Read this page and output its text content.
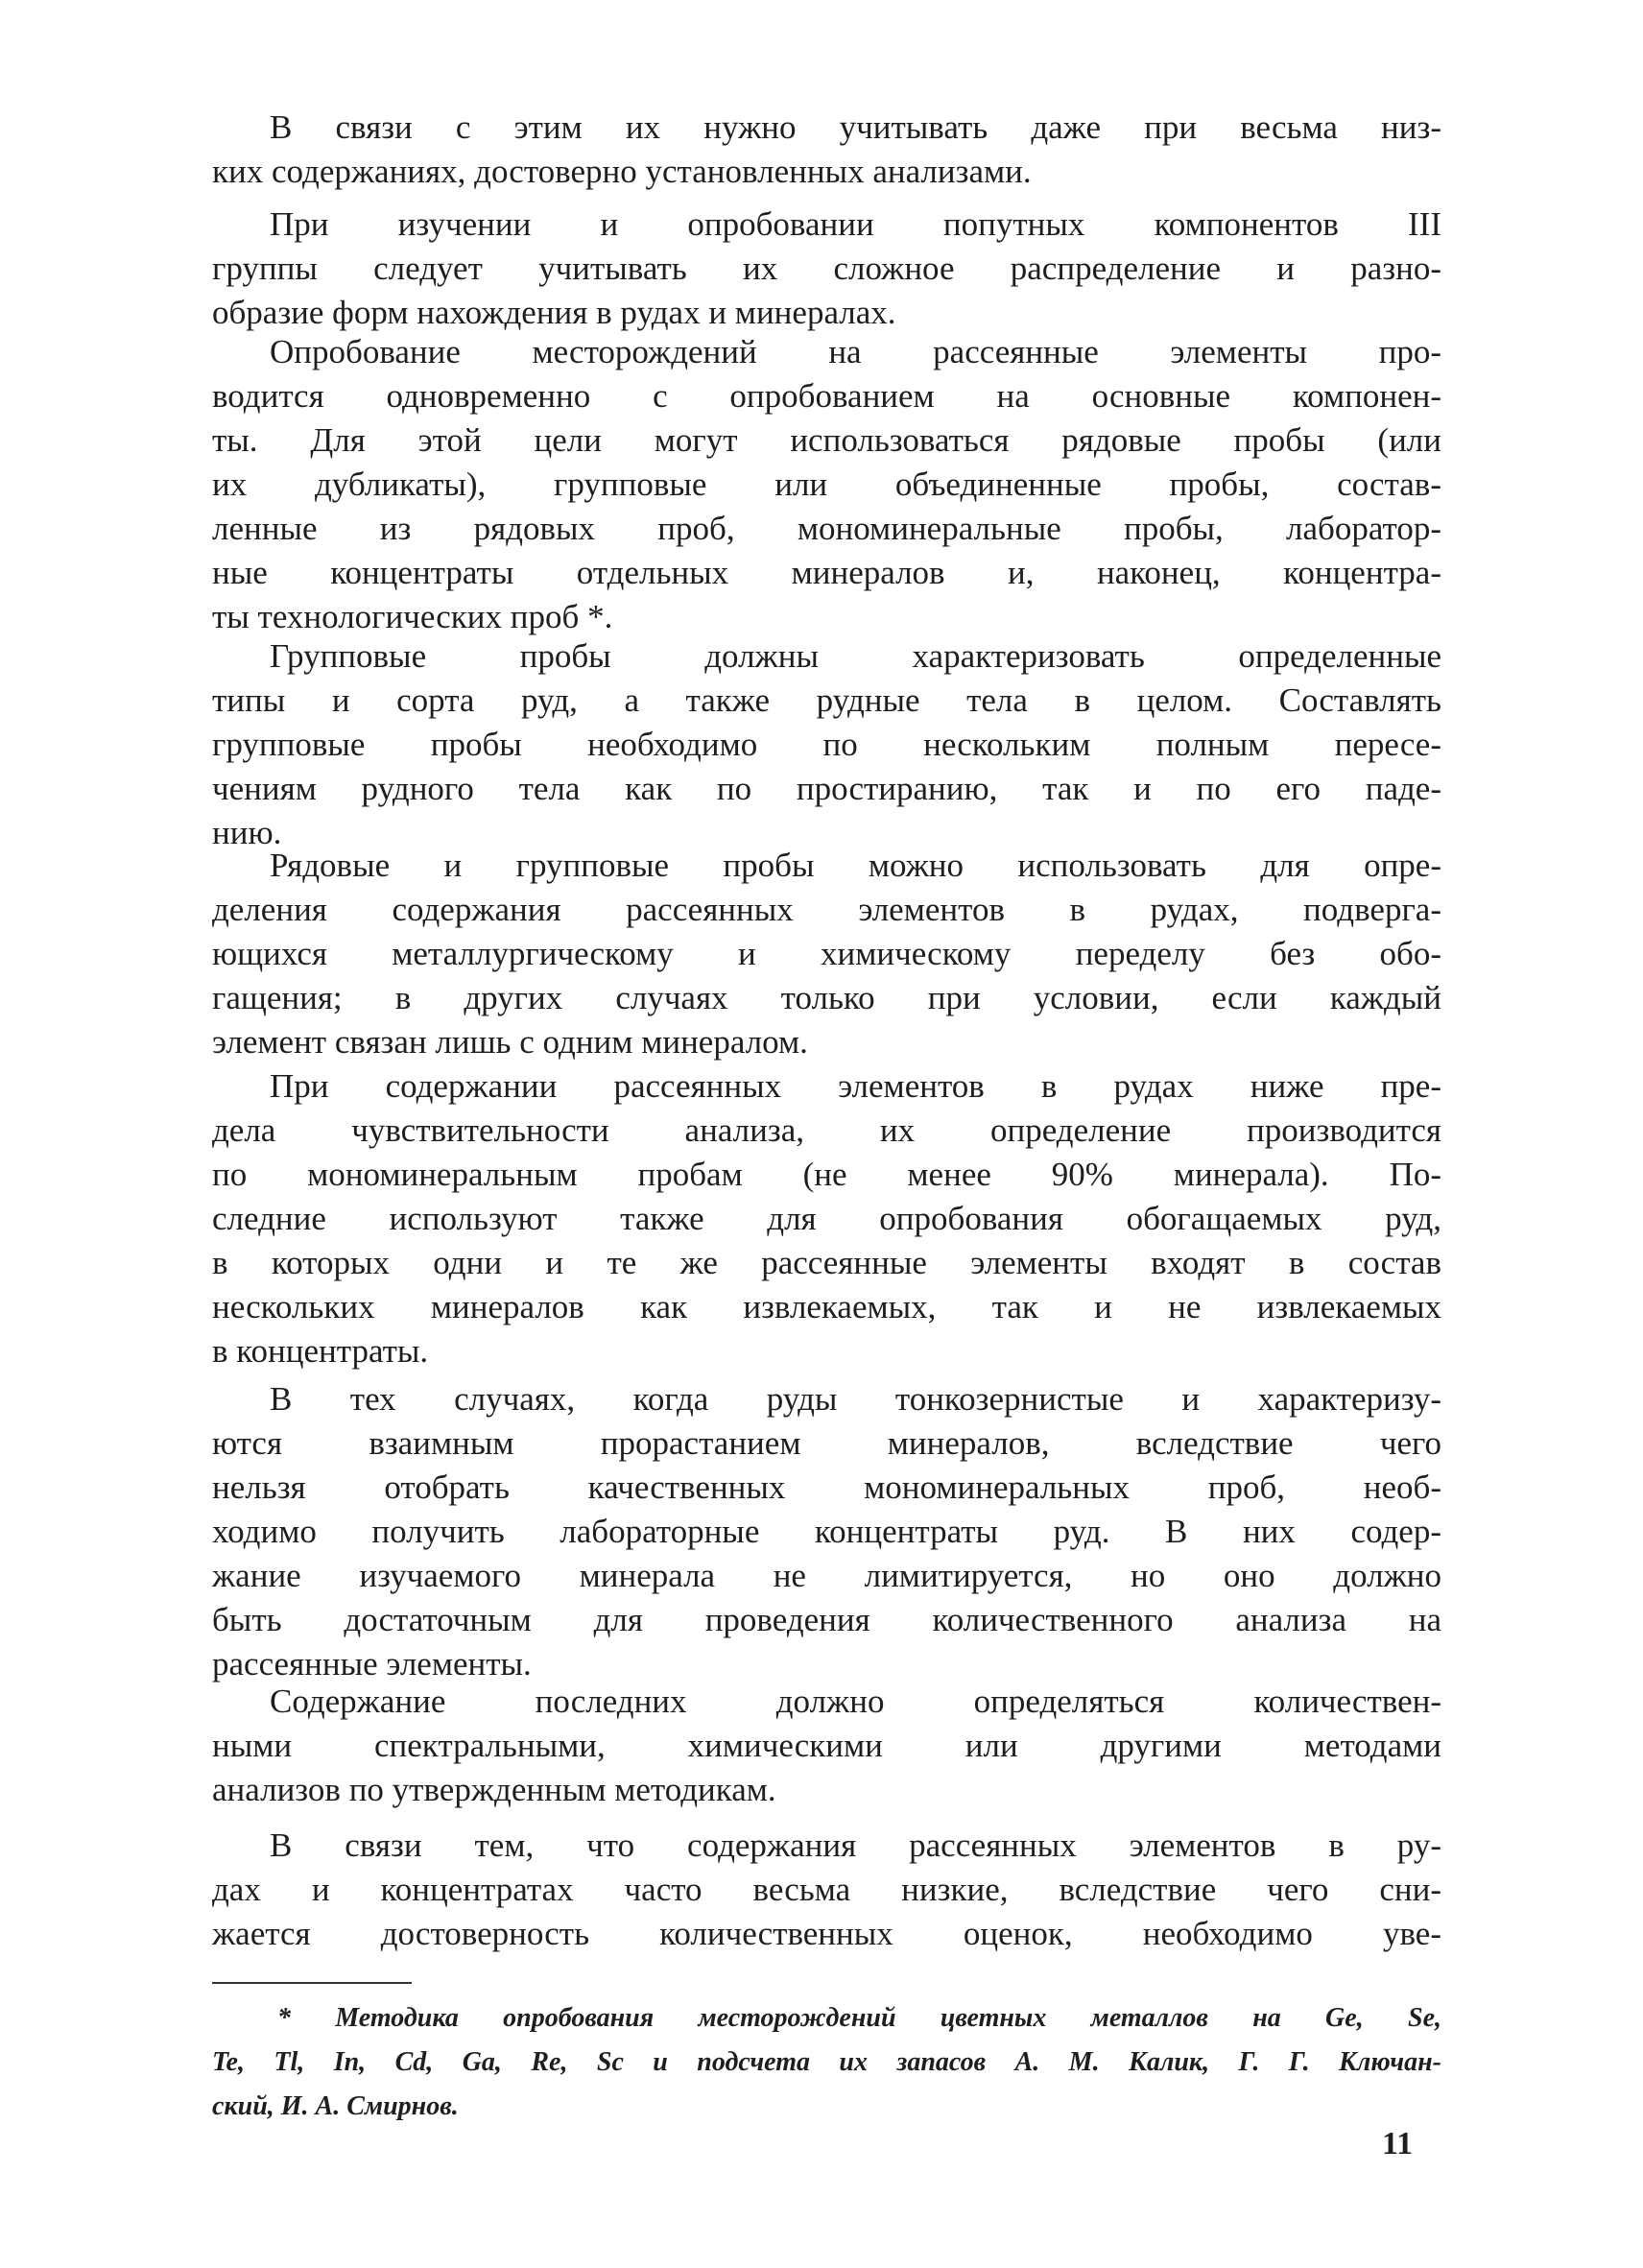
В связи с этим их нужно учитывать даже при весьма низ-
ких содержаниях, достоверно установленных анализами.
При изучении и опробовании попутных компонентов III
группы следует учитывать их сложное распределение и разно-
образие форм нахождения в рудах и минералах.
Опробование месторождений на рассеянные элементы про-
водится одновременно с опробованием на основные компонен-
ты. Для этой цели могут использоваться рядовые пробы (или
их дубликаты), групповые или объединенные пробы, состав-
ленные из рядовых проб, мономинеральные пробы, лаборатор-
ные концентраты отдельных минералов и, наконец, концентра-
ты технологических проб *.
Групповые пробы должны характеризовать определенные
типы и сорта руд, а также рудные тела в целом. Составлять
групповые пробы необходимо по нескольким полным пересе-
чениям рудного тела как по простиранию, так и по его паде-
нию.
Рядовые и групповые пробы можно использовать для опре-
деления содержания рассеянных элементов в рудах, подверга-
ющихся металлургическому и химическому переделу без обо-
гащения; в других случаях только при условии, если каждый
элемент связан лишь с одним минералом.
При содержании рассеянных элементов в рудах ниже пре-
дела чувствительности анализа, их определение производится
по мономинеральным пробам (не менее 90% минерала). По-
следние используют также для опробования обогащаемых руд,
в которых одни и те же рассеянные элементы входят в состав
нескольких минералов как извлекаемых, так и не извлекаемых
в концентраты.
В тех случаях, когда руды тонкозернистые и характеризу-
ются взаимным прорастанием минералов, вследствие чего
нельзя отобрать качественных мономинеральных проб, необ-
ходимо получить лабораторные концентраты руд. В них содер-
жание изучаемого минерала не лимитируется, но оно должно
быть достаточным для проведения количественного анализа на
рассеянные элементы.
Содержание последних должно определяться количествен-
ными спектральными, химическими или другими методами
анализов по утвержденным методикам.
В связи тем, что содержания рассеянных элементов в ру-
дах и концентратах часто весьма низкие, вследствие чего сни-
жается достоверность количественных оценок, необходимо уве-
* Методика опробования месторождений цветных металлов на Ge, Se,
Te, Tl, In, Cd, Ga, Re, Sc и подсчета их запасов А. М. Калик, Г. Г. Ключан-
ский, И. А. Смирнов.
11
